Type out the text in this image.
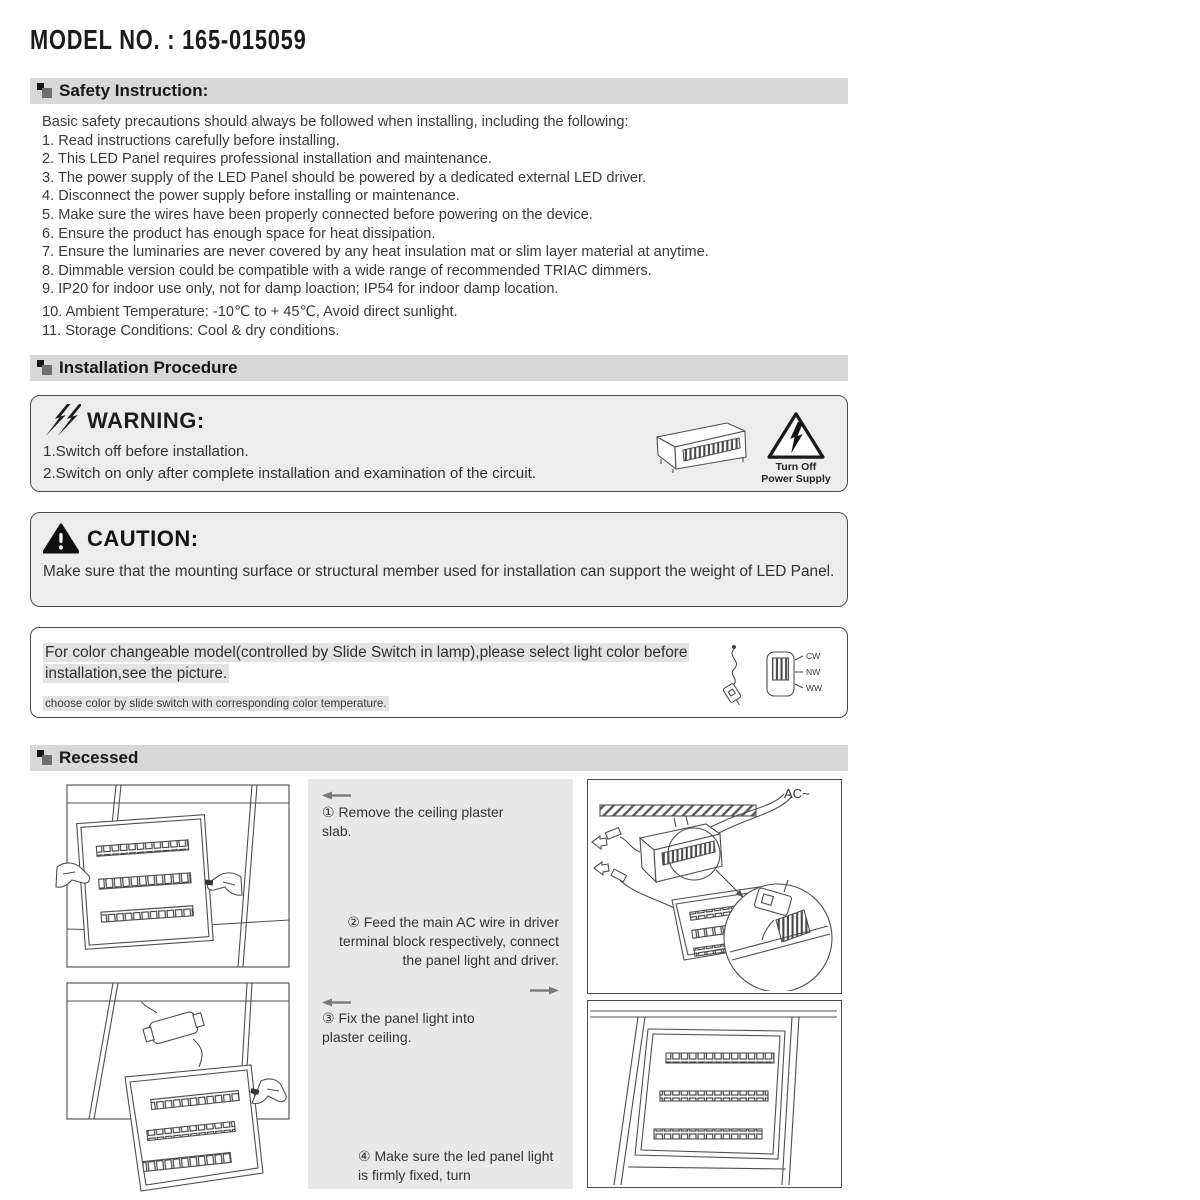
MODEL NO. : 165-015059
Safety Instruction:
Basic safety precautions should always be followed when installing, including the following:
1. Read instructions carefully before installing.
2. This LED Panel requires professional installation and maintenance.
3. The power supply of the LED Panel should be powered by a dedicated external LED driver.
4. Disconnect the power supply before installing or maintenance.
5. Make sure the wires have been properly connected before powering on the device.
6. Ensure the product has enough space for heat dissipation.
7. Ensure the luminaries are never covered by any heat insulation mat or slim layer material at anytime.
8. Dimmable version could be compatible with a wide range of recommended TRIAC dimmers.
9. IP20 for indoor use only, not for damp loaction; IP54 for indoor damp location.
10. Ambient Temperature: -10℃ to + 45℃, Avoid direct sunlight.
11. Storage Conditions: Cool & dry conditions.
Installation Procedure
WARNING:
1.Switch off before installation.
2.Switch on only after complete installation and examination of the circuit.	Turn Off
Power Supply
CAUTION:
Make sure that the mounting surface or structural member used for installation can support the weight of LED Panel.
For color changeable model(controlled by Slide Switch in lamp),please select light color before installation,see the picture.
choose color by slide switch with corresponding color temperature.
CW
NW
WW
Recessed
① Remove the ceiling plaster slab.
② Feed the main AC wire in driver terminal block respectively, connect the panel light and driver.
③ Fix the panel light into plaster ceiling.
④ Make sure the led panel light is firmly fixed, turn
AC~
